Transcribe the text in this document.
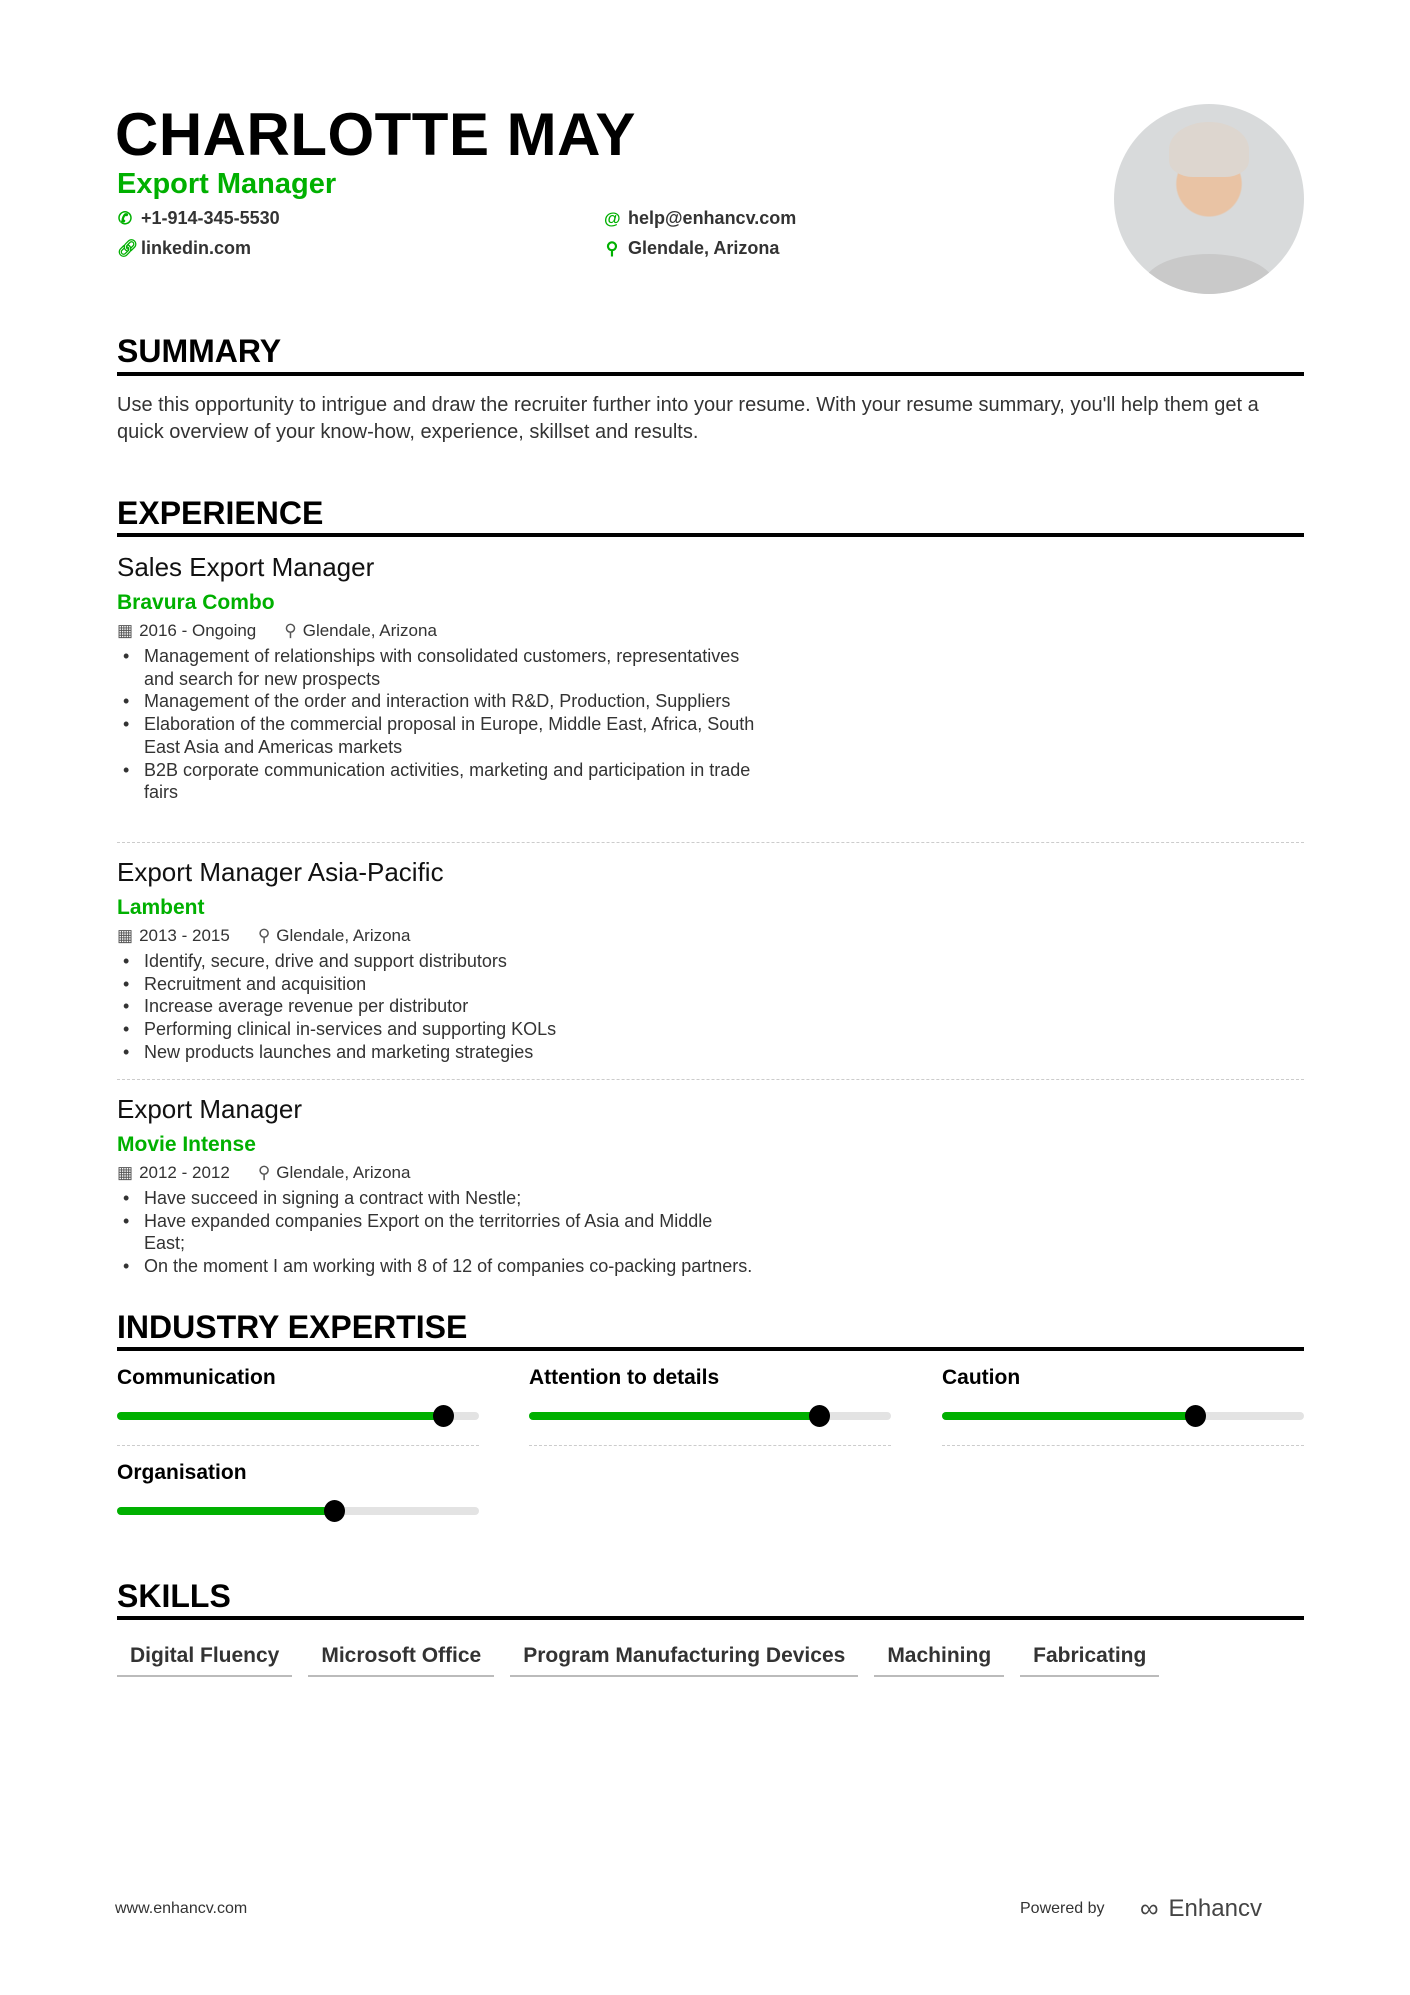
CHARLOTTE MAY
Export Manager
✆ +1-914-345-5530
🔗︎ linkedin.com
@ help@enhancv.com
⚲ Glendale, Arizona
SUMMARY
Use this opportunity to intrigue and draw the recruiter further into your resume. With your resume summary, you'll help them get a quick overview of your know-how, experience, skillset and results.
EXPERIENCE
Sales Export Manager
Bravura Combo
▦ 2016 - Ongoing ⚲ Glendale, Arizona
• Management of relationships with consolidated customers, representatives and search for new prospects
• Management of the order and interaction with R&D, Production, Suppliers
• Elaboration of the commercial proposal in Europe, Middle East, Africa, South East Asia and Americas markets
• B2B corporate communication activities, marketing and participation in trade fairs
Export Manager Asia-Pacific
Lambent
▦ 2013 - 2015 ⚲ Glendale, Arizona
• Identify, secure, drive and support distributors
• Recruitment and acquisition
• Increase average revenue per distributor
• Performing clinical in-services and supporting KOLs
• New products launches and marketing strategies
Export Manager
Movie Intense
▦ 2012 - 2012 ⚲ Glendale, Arizona
• Have succeed in signing a contract with Nestle;
• Have expanded companies Export on the territorries of Asia and Middle East;
• On the moment I am working with 8 of 12 of companies co-packing partners.
INDUSTRY EXPERTISE
Communication	Attention to details	Caution
Organisation
SKILLS
Digital Fluency	Microsoft Office	Program Manufacturing Devices	Machining	Fabricating
www.enhancv.com	Powered by ∞ Enhancv
